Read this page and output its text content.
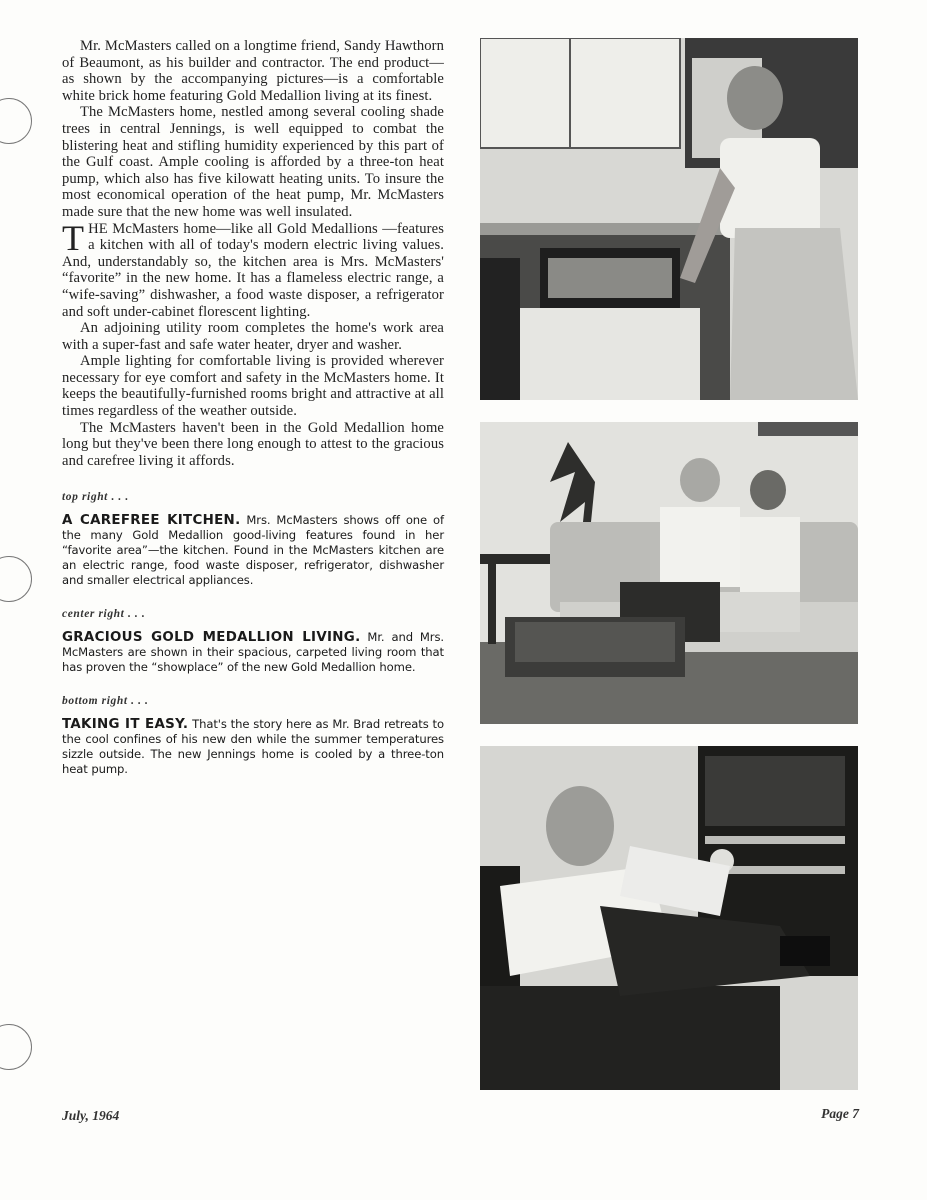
Mr. McMasters called on a longtime friend, Sandy Hawthorn of Beaumont, as his builder and contractor. The end product—as shown by the accompanying pictures—is a comfortable white brick home featuring Gold Medallion living at its finest.

The McMasters home, nestled among several cooling shade trees in central Jennings, is well equipped to combat the blistering heat and stifling humidity experienced by this part of the Gulf coast. Ample cooling is afforded by a three-ton heat pump, which also has five kilowatt heating units. To insure the most economical operation of the heat pump, Mr. McMasters made sure that the new home was well insulated.

THE McMasters home—like all Gold Medallions —features a kitchen with all of today's modern electric living values. And, understandably so, the kitchen area is Mrs. McMasters' “favorite” in the new home. It has a flameless electric range, a “wife-saving” dishwasher, a food waste disposer, a refrigerator and soft under-cabinet florescent lighting.

An adjoining utility room completes the home's work area with a super-fast and safe water heater, dryer and washer.

Ample lighting for comfortable living is provided wherever necessary for eye comfort and safety in the McMasters home. It keeps the beautifully-furnished rooms bright and attractive at all times regardless of the weather outside.

The McMasters haven't been in the Gold Medallion home long but they've been there long enough to attest to the gracious and carefree living it affords.

top right . . .

A CAREFREE KITCHEN. Mrs. McMasters shows off one of the many Gold Medallion good-living features found in her “favorite area”—the kitchen. Found in the McMasters kitchen are an electric range, food waste disposer, refrigerator, dishwasher and smaller electrical appliances.

center right . . .

GRACIOUS GOLD MEDALLION LIVING. Mr. and Mrs. McMasters are shown in their spacious, carpeted living room that has proven the “showplace” of the new Gold Medallion home.

bottom right . . .

TAKING IT EASY. That's the story here as Mr. Brad retreats to the cool confines of his new den while the summer temperatures sizzle outside. The new Jennings home is cooled by a three-ton heat pump.

July, 1964	Page 7
